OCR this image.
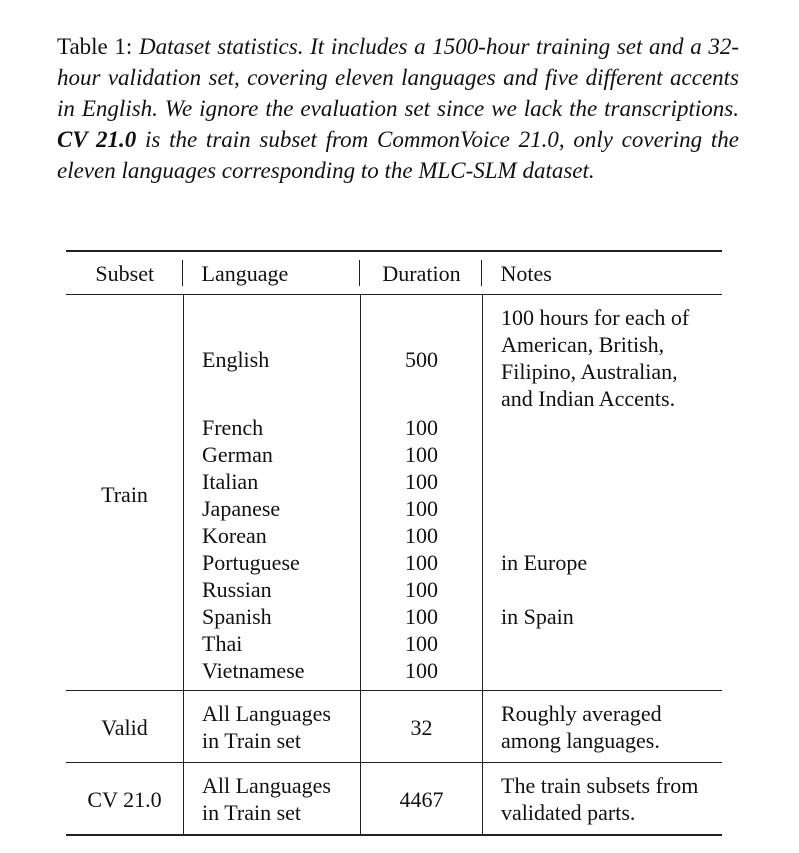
Table 1: Dataset statistics. It includes a 1500-hour training set and a 32-hour validation set, covering eleven languages and five different accents in English. We ignore the evaluation set since we lack the transcriptions. CV 21.0 is the train subset from CommonVoice 21.0, only covering the eleven languages corresponding to the MLC-SLM dataset.
Subset	Language	Duration	Notes
Train	English	500	100 hours for each of American, British, Filipino, Australian, and Indian Accents.
	French	100	
	German	100	
	Italian	100	
	Japanese	100	
	Korean	100	
	Portuguese	100	in Europe
	Russian	100	
	Spanish	100	in Spain
	Thai	100	
	Vietnamese	100	
Valid	All Languages in Train set	32	Roughly averaged among languages.
CV 21.0	All Languages in Train set	4467	The train subsets from validated parts.
